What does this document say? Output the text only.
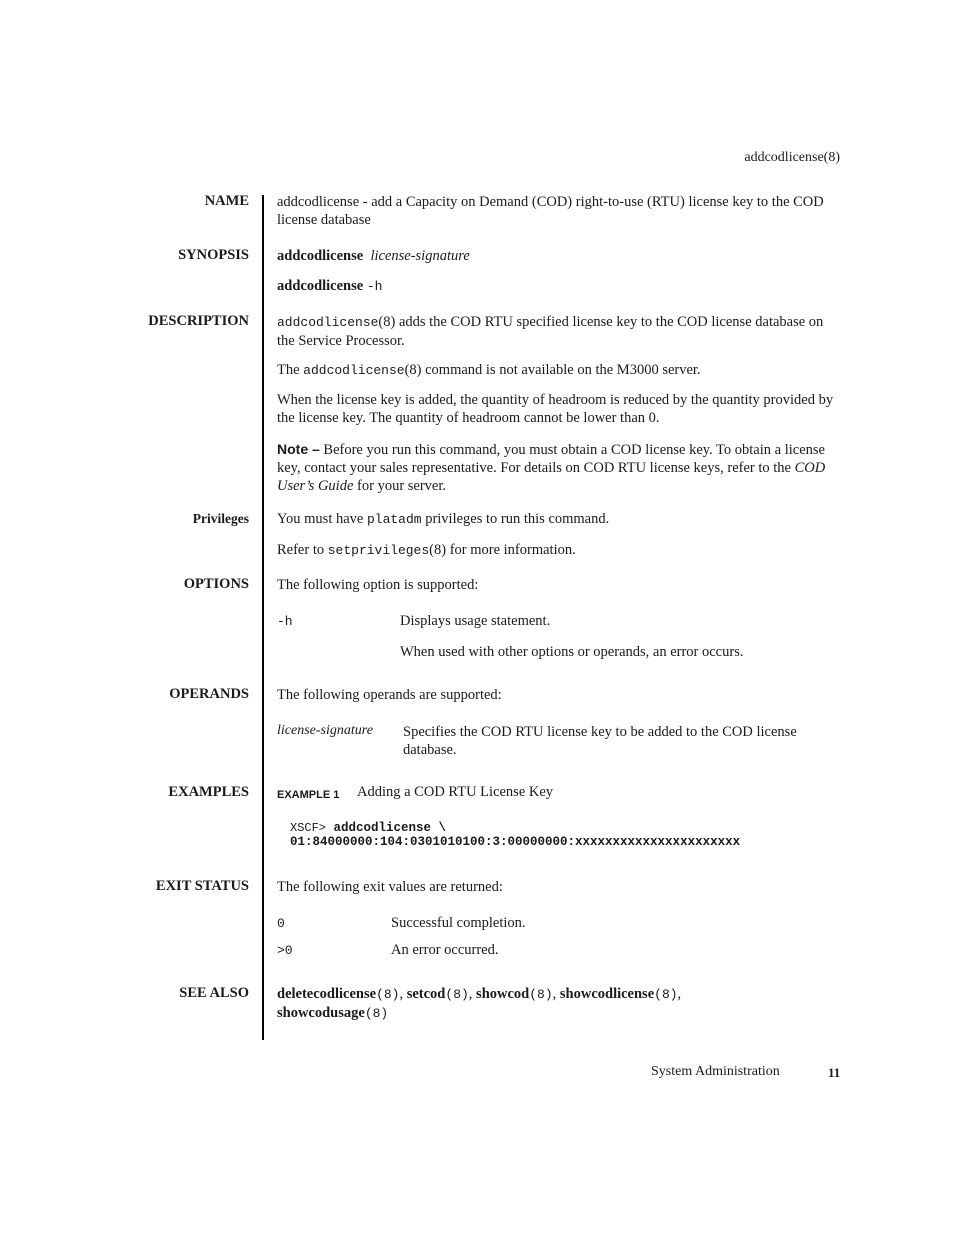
addcodlicense(8)
NAME addcodlicense - add a Capacity on Demand (COD) right-to-use (RTU) license key to the COD license database
SYNOPSIS addcodlicense license-signature
addcodlicense -h
DESCRIPTION addcodlicense(8) adds the COD RTU specified license key to the COD license database on the Service Processor.
The addcodlicense(8) command is not available on the M3000 server.
When the license key is added, the quantity of headroom is reduced by the quantity provided by the license key. The quantity of headroom cannot be lower than 0.
Note – Before you run this command, you must obtain a COD license key. To obtain a license key, contact your sales representative. For details on COD RTU license keys, refer to the COD User’s Guide for your server.
Privileges You must have platadm privileges to run this command.
Refer to setprivileges(8) for more information.
OPTIONS The following option is supported:
-h	Displays usage statement.
When used with other options or operands, an error occurs.
OPERANDS The following operands are supported:
license-signature Specifies the COD RTU license key to be added to the COD license database.
EXAMPLES	EXAMPLE 1 Adding a COD RTU License Key
XSCF> addcodlicense \
01:84000000:104:0301010100:3:00000000:xxxxxxxxxxxxxxxxxxxxxx
EXIT STATUS The following exit values are returned:
0	Successful completion.
>0	An error occurred.
SEE ALSO deletecodlicense(8), setcod(8), showcod(8), showcodlicense(8),
showcodusage(8)
System Administration	11
